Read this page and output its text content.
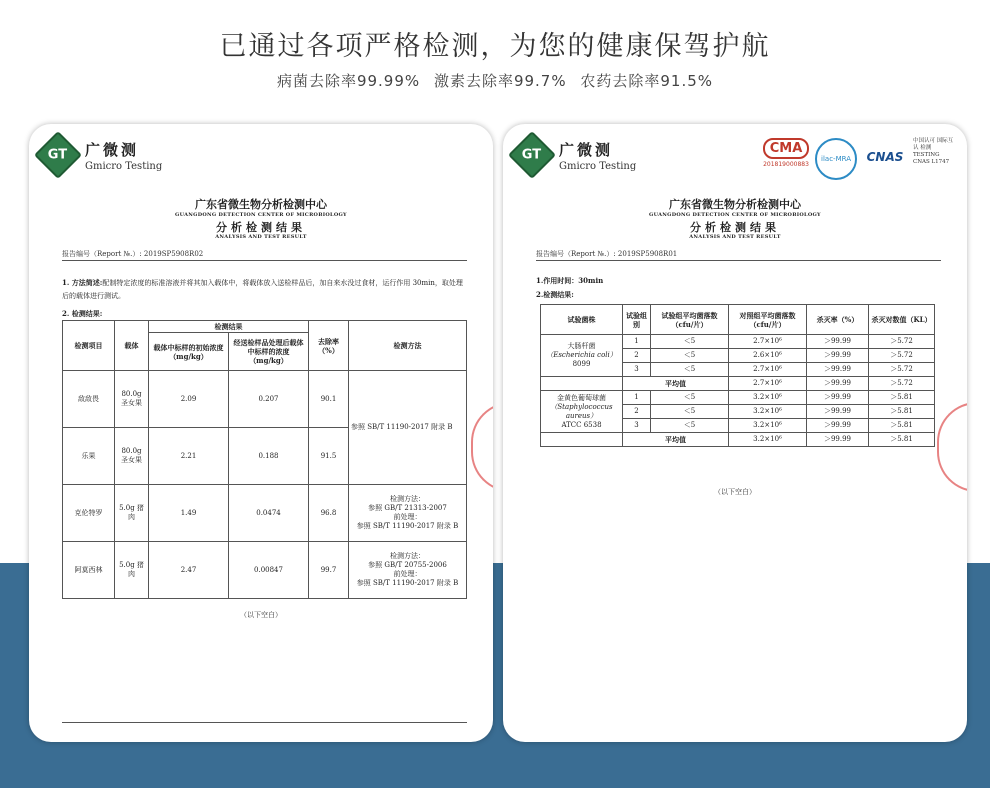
已通过各项严格检测，为您的健康保驾护航
病菌去除率99.99% 激素去除率99.7% 农药去除率91.5%
GT 广微测
Gmicro Testing
广东省微生物分析检测中心
GUANGDONG DETECTION CENTER OF MICROBIOLOGY
分析检测结果
ANALYSIS AND TEST RESULT
报告编号（Report №.）: 2019SP5908R02
1. 方法简述:配制特定浓度的标准溶液并将其加入载体中，将载体放入送检样品后，加自来水没过食材，运行作用 30min，取处理后的载体进行测试。
2. 检测结果:
检测项目	载体	检测结果		去除率（%）	检测方法
		载体中标样的初始浓度（mg/kg）	经送检样品处理后载体中标样的浓度（mg/kg）		
敌敌畏	80.0g 圣女果	2.09	0.207	90.1	参照 SB/T 11190-2017 附录 B
乐果	80.0g 圣女果	2.21	0.188	91.5	
克伦特罗	5.0g 猪肉	1.49	0.0474	96.8	检测方法：
参照 GB/T 21313-2007
前处理：
参照 SB/T 11190-2017 附录 B

阿莫西林	5.0g 猪肉	2.47	0.00847	99.7	检测方法：
参照 GB/T 20755-2006
前处理：
参照 SB/T 11190-2017 附录 B
（以下空白）
GT 广微测
Gmicro Testing
CMA
201819000883
ilac-MRA	CNAS
中国认可 国际互认 检测 TESTING CNAS L1747
广东省微生物分析检测中心
GUANGDONG DETECTION CENTER OF MICROBIOLOGY
分析检测结果
ANALYSIS AND TEST RESULT
报告编号（Report №.）: 2019SP5908R01
1.作用时间：30min
2.检测结果:
试验菌株	试验组别	试验组平均菌落数（cfu/片）	对照组平均菌落数（cfu/片）	杀灭率（%）	杀灭对数值（KL）

大肠杆菌
（Escherichia coli）
8099	1	＜5	2.7×10⁶	＞99.99	＞5.72
	2	＜5	2.6×10⁶	＞99.99	＞5.72
	3	＜5	2.7×10⁶	＞99.99	＞5.72
	平均值		2.7×10⁶	＞99.99	＞5.72

金黄色葡萄球菌
（Staphylococcus
aureus）
ATCC 6538	1	＜5	3.2×10⁶	＞99.99	＞5.81
	2	＜5	3.2×10⁶	＞99.99	＞5.81
	3	＜5	3.2×10⁶	＞99.99	＞5.81
	平均值		3.2×10⁶	＞99.99	＞5.81
（以下空白）
